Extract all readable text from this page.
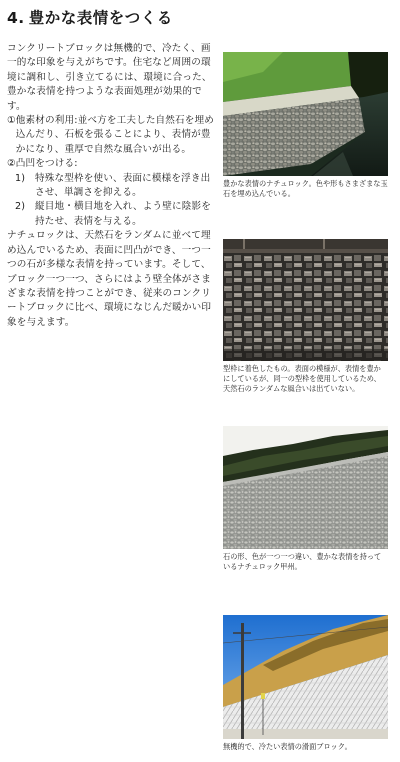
4. 豊かな表情をつくる

コンクリートブロックは無機的で、冷たく、画一的な印象を与えがちです。住宅など周囲の環境に調和し、引き立てるには、環境に合った、豊かな表情を持つような表面処理が効果的です。

① 他素材の利用:並べ方を工夫した自然石を埋め込んだり、石板を張ることにより、表情が豊かになり、重厚で自然な風合いが出る。
② 凸凹をつける:
1)	特殊な型枠を使い、表面に模様を浮き出させ、単調さを抑える。
2)	縦目地・横目地を入れ、よう壁に陰影を持たせ、表情を与える。

ナチュロックは、天然石をランダムに並べて埋め込んでいるため、表面に凹凸ができ、一つ一つの石が多様な表情を持っています。そして、ブロック一つ一つ、さらにはよう壁全体がさまざまな表情を持つことができ、従来のコンクリートブロックに比べ、環境になじんだ暖かい印象を与えます。

豊かな表情のナチュロック。色や形もさまざまな玉石を埋め込んでいる。
型枠に着色したもの。表面の模様が、表情を豊かにしているが、同一の型枠を使用しているため、天然石のランダムな風合いは出ていない。
石の形、色が一つ一つ違い、豊かな表情を持っているナチュロック甲州。
無機的で、冷たい表情の滑面ブロック。
